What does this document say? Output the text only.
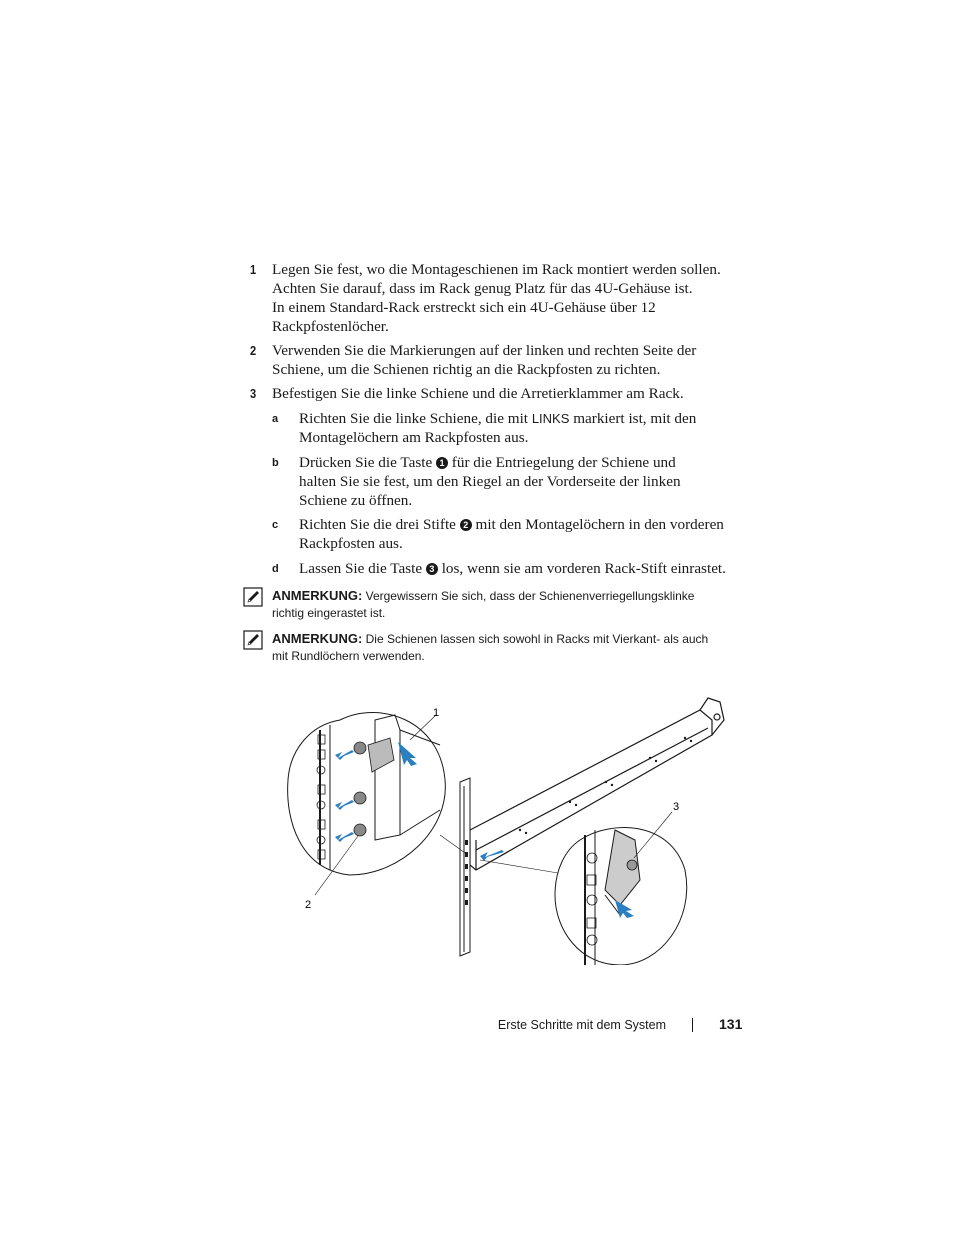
1 Legen Sie fest, wo die Montageschienen im Rack montiert werden sollen.
Achten Sie darauf, dass im Rack genug Platz für das 4U-Gehäuse ist.
In einem Standard-Rack erstreckt sich ein 4U-Gehäuse über 12
Rackpfostenlöcher.
2 Verwenden Sie die Markierungen auf der linken und rechten Seite der
Schiene, um die Schienen richtig an die Rackpfosten zu richten.
3 Befestigen Sie die linke Schiene und die Arretierklammer am Rack.
a Richten Sie die linke Schiene, die mit LINKS markiert ist, mit den
Montagelöchern am Rackpfosten aus.
b Drücken Sie die Taste 1 für die Entriegelung der Schiene und
halten Sie sie fest, um den Riegel an der Vorderseite der linken
Schiene zu öffnen.
c Richten Sie die drei Stifte 2 mit den Montagelöchern in den vorderen
Rackpfosten aus.
d Lassen Sie die Taste 3 los, wenn sie am vorderen Rack-Stift einrastet.
ANMERKUNG: Vergewissern Sie sich, dass der Schienenverriegellungsklinke
richtig eingerastet ist.
ANMERKUNG: Die Schienen lassen sich sowohl in Racks mit Vierkant- als auch
mit Rundlöchern verwenden.
1
2
3
Erste Schritte mit dem System	131
